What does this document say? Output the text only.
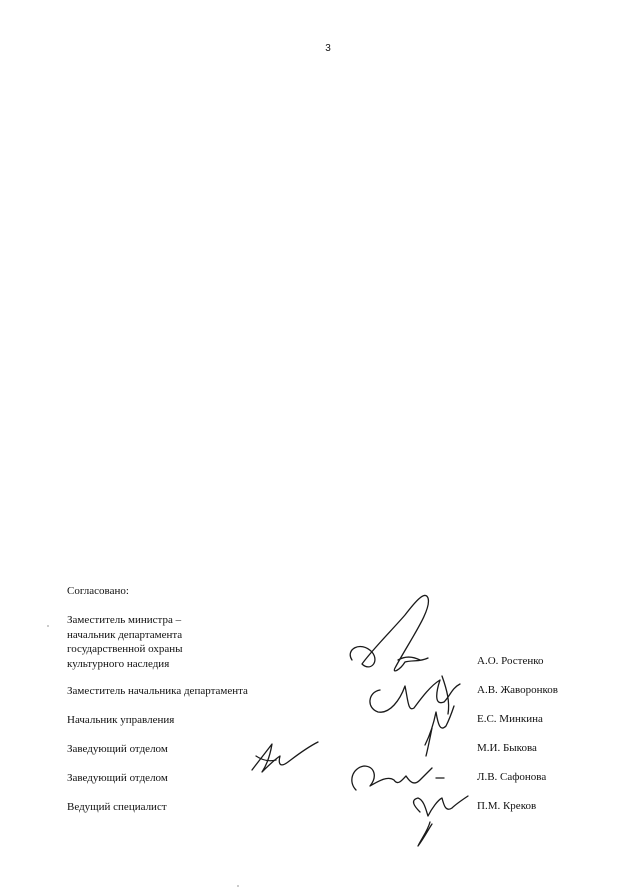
3
Согласовано:
Заместитель министра –
начальник департамента
государственной охраны
культурного наследия	А.О. Ростенко
Заместитель начальника департамента	А.В. Жаворонков
Начальник управления	Е.С. Минкина
Заведующий отделом	М.И. Быкова
Заведующий отделом	Л.В. Сафонова
Ведущий специалист	П.М. Креков
